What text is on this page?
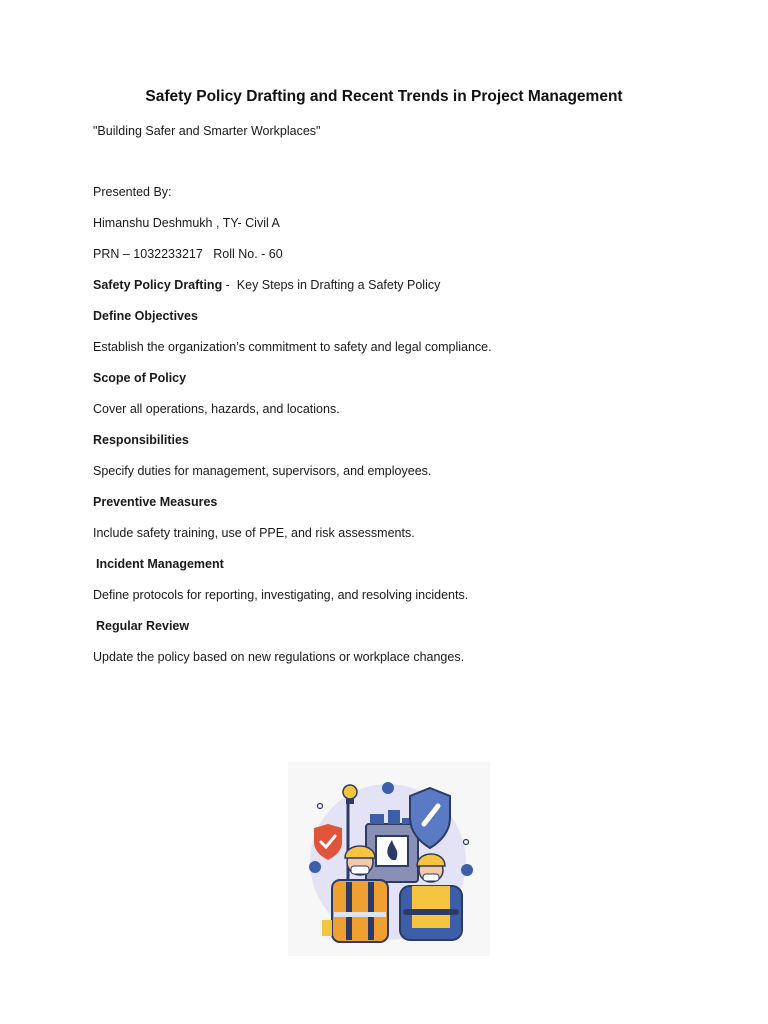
Safety Policy Drafting and Recent Trends in Project Management
"Building Safer and Smarter Workplaces"
Presented By:
Himanshu Deshmukh , TY- Civil A
PRN – 1032233217   Roll No. - 60
Safety Policy Drafting -  Key Steps in Drafting a Safety Policy
Define Objectives
Establish the organization’s commitment to safety and legal compliance.
Scope of Policy
Cover all operations, hazards, and locations.
Responsibilities
Specify duties for management, supervisors, and employees.
Preventive Measures
Include safety training, use of PPE, and risk assessments.
Incident Management
Define protocols for reporting, investigating, and resolving incidents.
Regular Review
Update the policy based on new regulations or workplace changes.
